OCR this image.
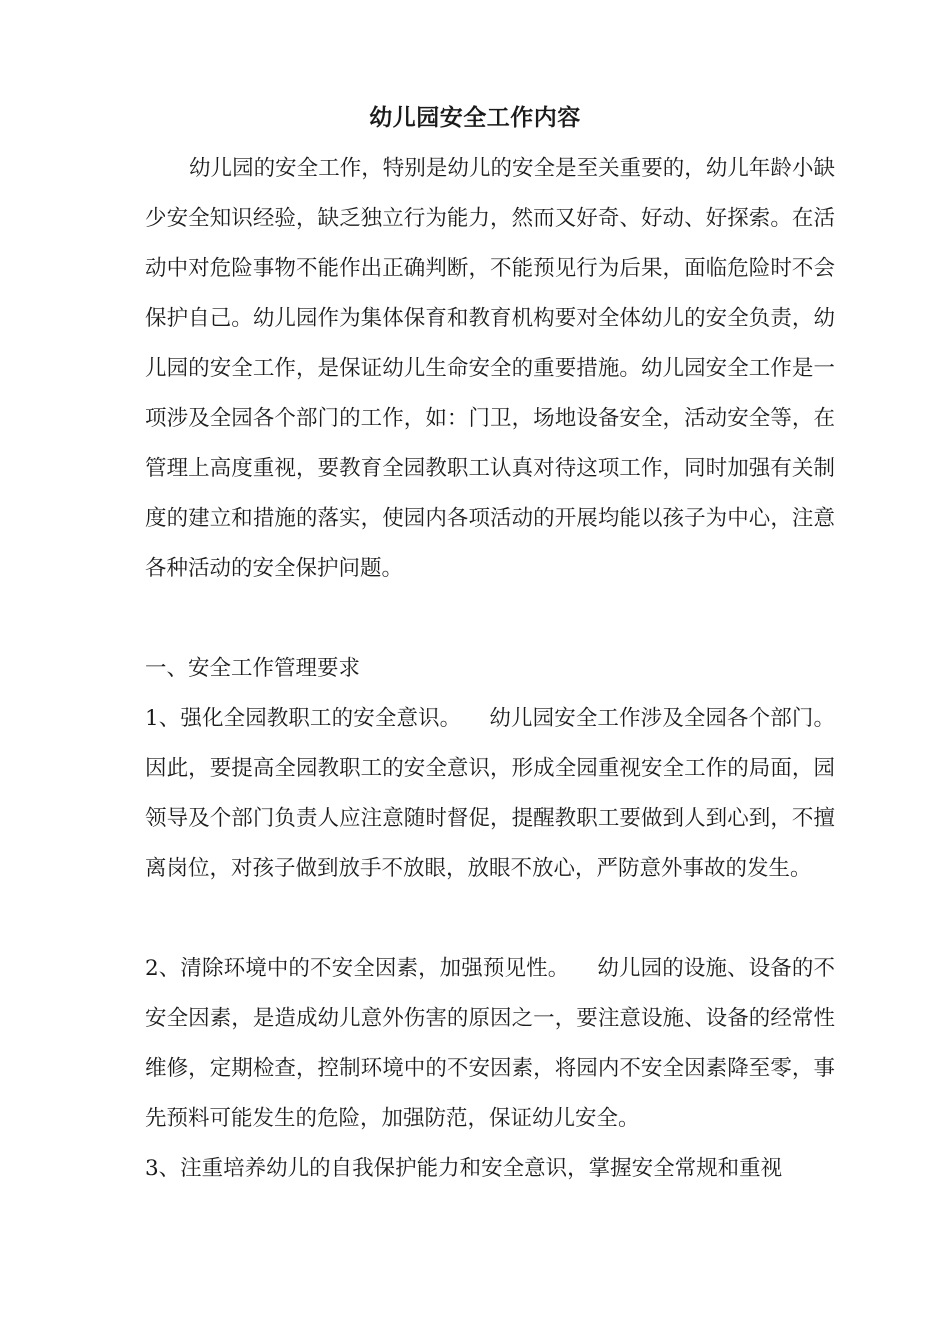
幼儿园安全工作内容

幼儿园的安全工作，特别是幼儿的安全是至关重要的，幼儿年龄小缺少安全知识经验，缺乏独立行为能力，然而又好奇、好动、好探索。在活动中对危险事物不能作出正确判断，不能预见行为后果，面临危险时不会保护自己。幼儿园作为集体保育和教育机构要对全体幼儿的安全负责，幼儿园的安全工作，是保证幼儿生命安全的重要措施。幼儿园安全工作是一项涉及全园各个部门的工作，如：门卫，场地设备安全，活动安全等，在管理上高度重视，要教育全园教职工认真对待这项工作，同时加强有关制度的建立和措施的落实，使园内各项活动的开展均能以孩子为中心，注意各种活动的安全保护问题。

一、安全工作管理要求

1、强化全园教职工的安全意识。 幼儿园安全工作涉及全园各个部门。因此，要提高全园教职工的安全意识，形成全园重视安全工作的局面，园领导及个部门负责人应注意随时督促，提醒教职工要做到人到心到，不擅离岗位，对孩子做到放手不放眼，放眼不放心，严防意外事故的发生。

2、清除环境中的不安全因素，加强预见性。 幼儿园的设施、设备的不安全因素，是造成幼儿意外伤害的原因之一，要注意设施、设备的经常性维修，定期检查，控制环境中的不安因素，将园内不安全因素降至零，事先预料可能发生的危险，加强防范，保证幼儿安全。

3、注重培养幼儿的自我保护能力和安全意识，掌握安全常规和重视
